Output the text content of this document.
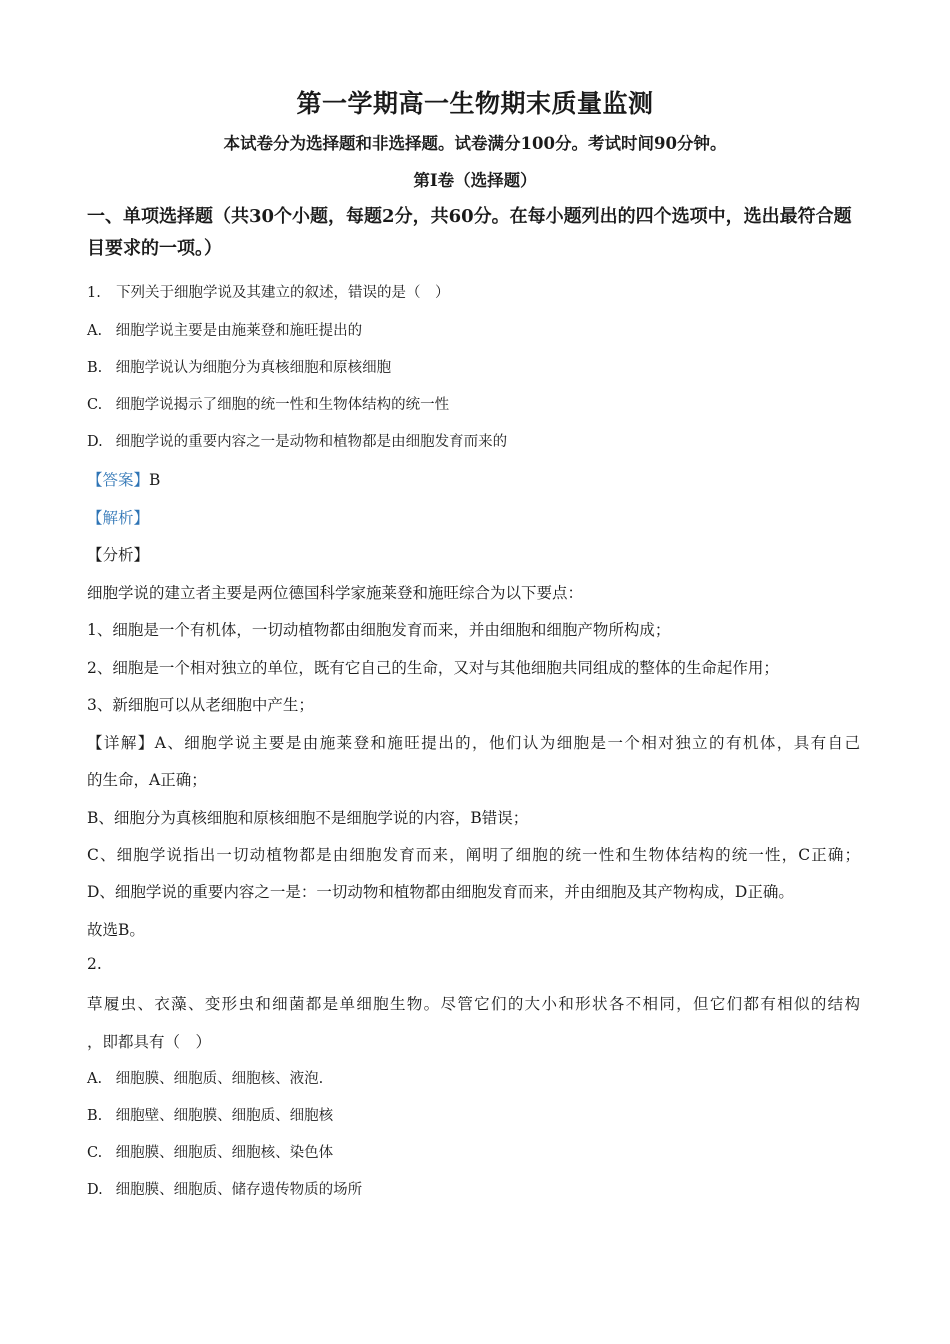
第一学期高一生物期末质量监测
本试卷分为选择题和非选择题。试卷满分100分。考试时间90分钟。
第Ⅰ卷（选择题）
一、单项选择题（共30个小题，每题2分，共60分。在每小题列出的四个选项中，选出最符合题目要求的一项。）
1. 下列关于细胞学说及其建立的叙述，错误的是（　）
A. 细胞学说主要是由施莱登和施旺提出的
B. 细胞学说认为细胞分为真核细胞和原核细胞
C. 细胞学说揭示了细胞的统一性和生物体结构的统一性
D. 细胞学说的重要内容之一是动物和植物都是由细胞发育而来的
【答案】B
【解析】
【分析】
细胞学说的建立者主要是两位德国科学家施莱登和施旺综合为以下要点：
1、细胞是一个有机体，一切动植物都由细胞发育而来，并由细胞和细胞产物所构成；
2、细胞是一个相对独立的单位，既有它自己的生命，又对与其他细胞共同组成的整体的生命起作用；
3、新细胞可以从老细胞中产生；
【详解】A、细胞学说主要是由施莱登和施旺提出的，他们认为细胞是一个相对独立的有机体，具有自己
的生命，A正确；
B、细胞分为真核细胞和原核细胞不是细胞学说的内容，B错误；
C、细胞学说指出一切动植物都是由细胞发育而来，阐明了细胞的统一性和生物体结构的统一性，C正确；
D、细胞学说的重要内容之一是：一切动物和植物都由细胞发育而来，并由细胞及其产物构成，D正确。
故选B。
2.
草履虫、衣藻、变形虫和细菌都是单细胞生物。尽管它们的大小和形状各不相同，但它们都有相似的结构
，即都具有（　）
A. 细胞膜、细胞质、细胞核、液泡.
B. 细胞壁、细胞膜、细胞质、细胞核
C. 细胞膜、细胞质、细胞核、染色体
D. 细胞膜、细胞质、储存遗传物质的场所
